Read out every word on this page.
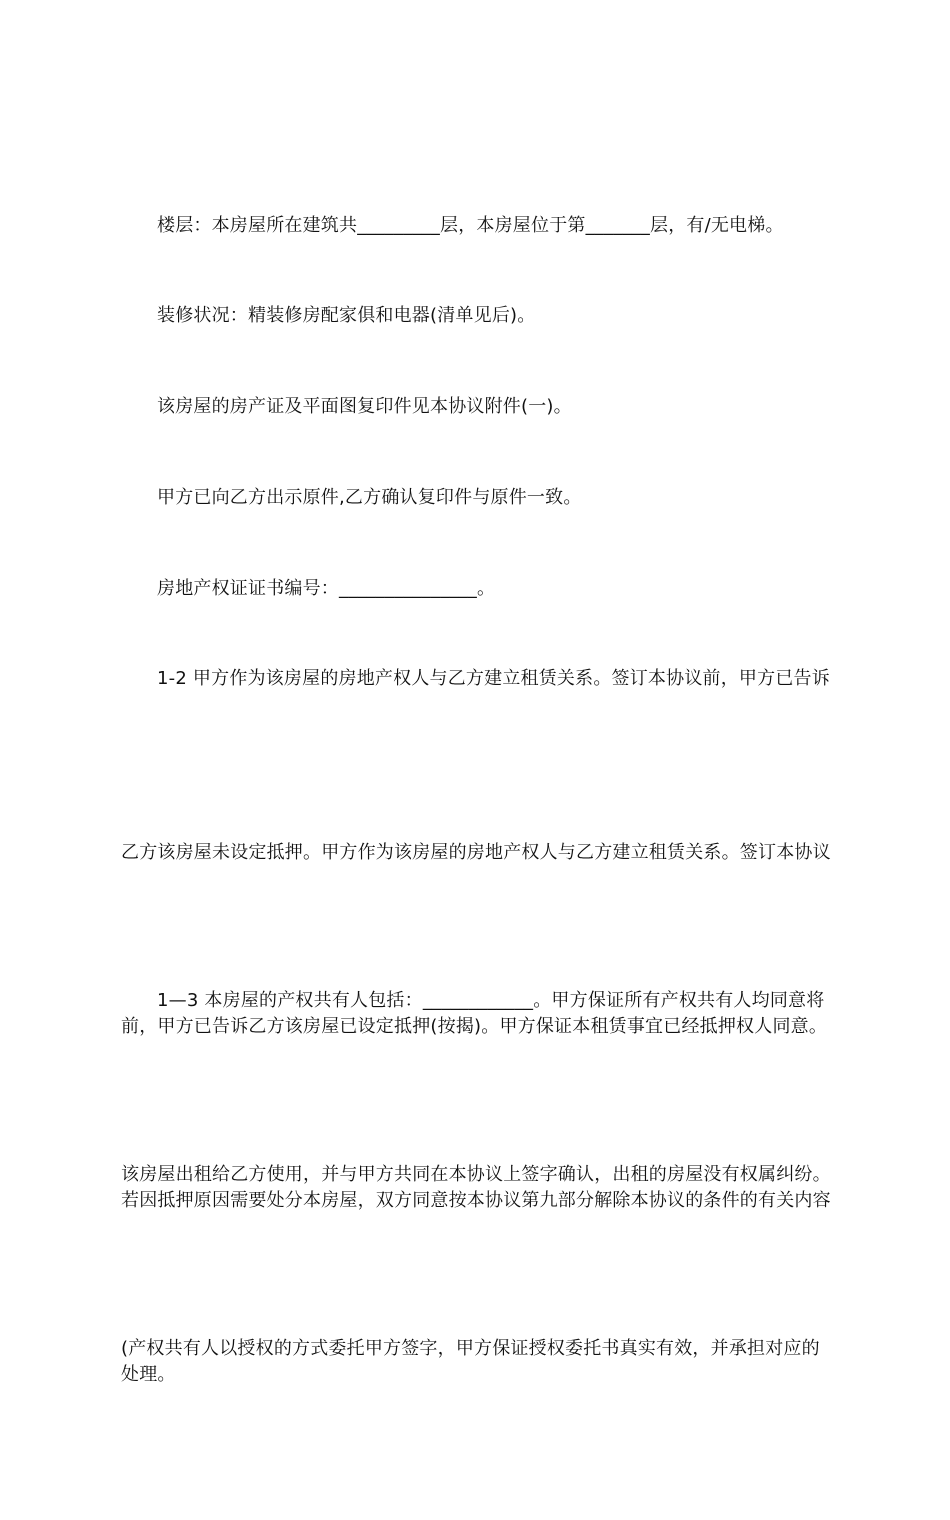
楼层：本房屋所在建筑共_________层，本房屋位于第_______层，有/无电梯。

装修状况：精装修房配家俱和电器(清单见后)。

该房屋的房产证及平面图复印件见本协议附件(一)。

甲方已向乙方出示原件,乙方确认复印件与原件一致。

房地产权证证书编号：_______________。

1-2 甲方作为该房屋的房地产权人与乙方建立租赁关系。签订本协议前，甲方已告诉

乙方该房屋未设定抵押。甲方作为该房屋的房地产权人与乙方建立租赁关系。签订本协议

前，甲方已告诉乙方该房屋已设定抵押(按揭)。甲方保证本租赁事宜已经抵押权人同意。

若因抵押原因需要处分本房屋，双方同意按本协议第九部分解除本协议的条件的有关内容

处理。

1—3 本房屋的产权共有人包括：____________。甲方保证所有产权共有人均同意将

该房屋出租给乙方使用，并与甲方共同在本协议上签字确认，出租的房屋没有权属纠纷。

(产权共有人以授权的方式委托甲方签字，甲方保证授权委托书真实有效，并承担对应的
